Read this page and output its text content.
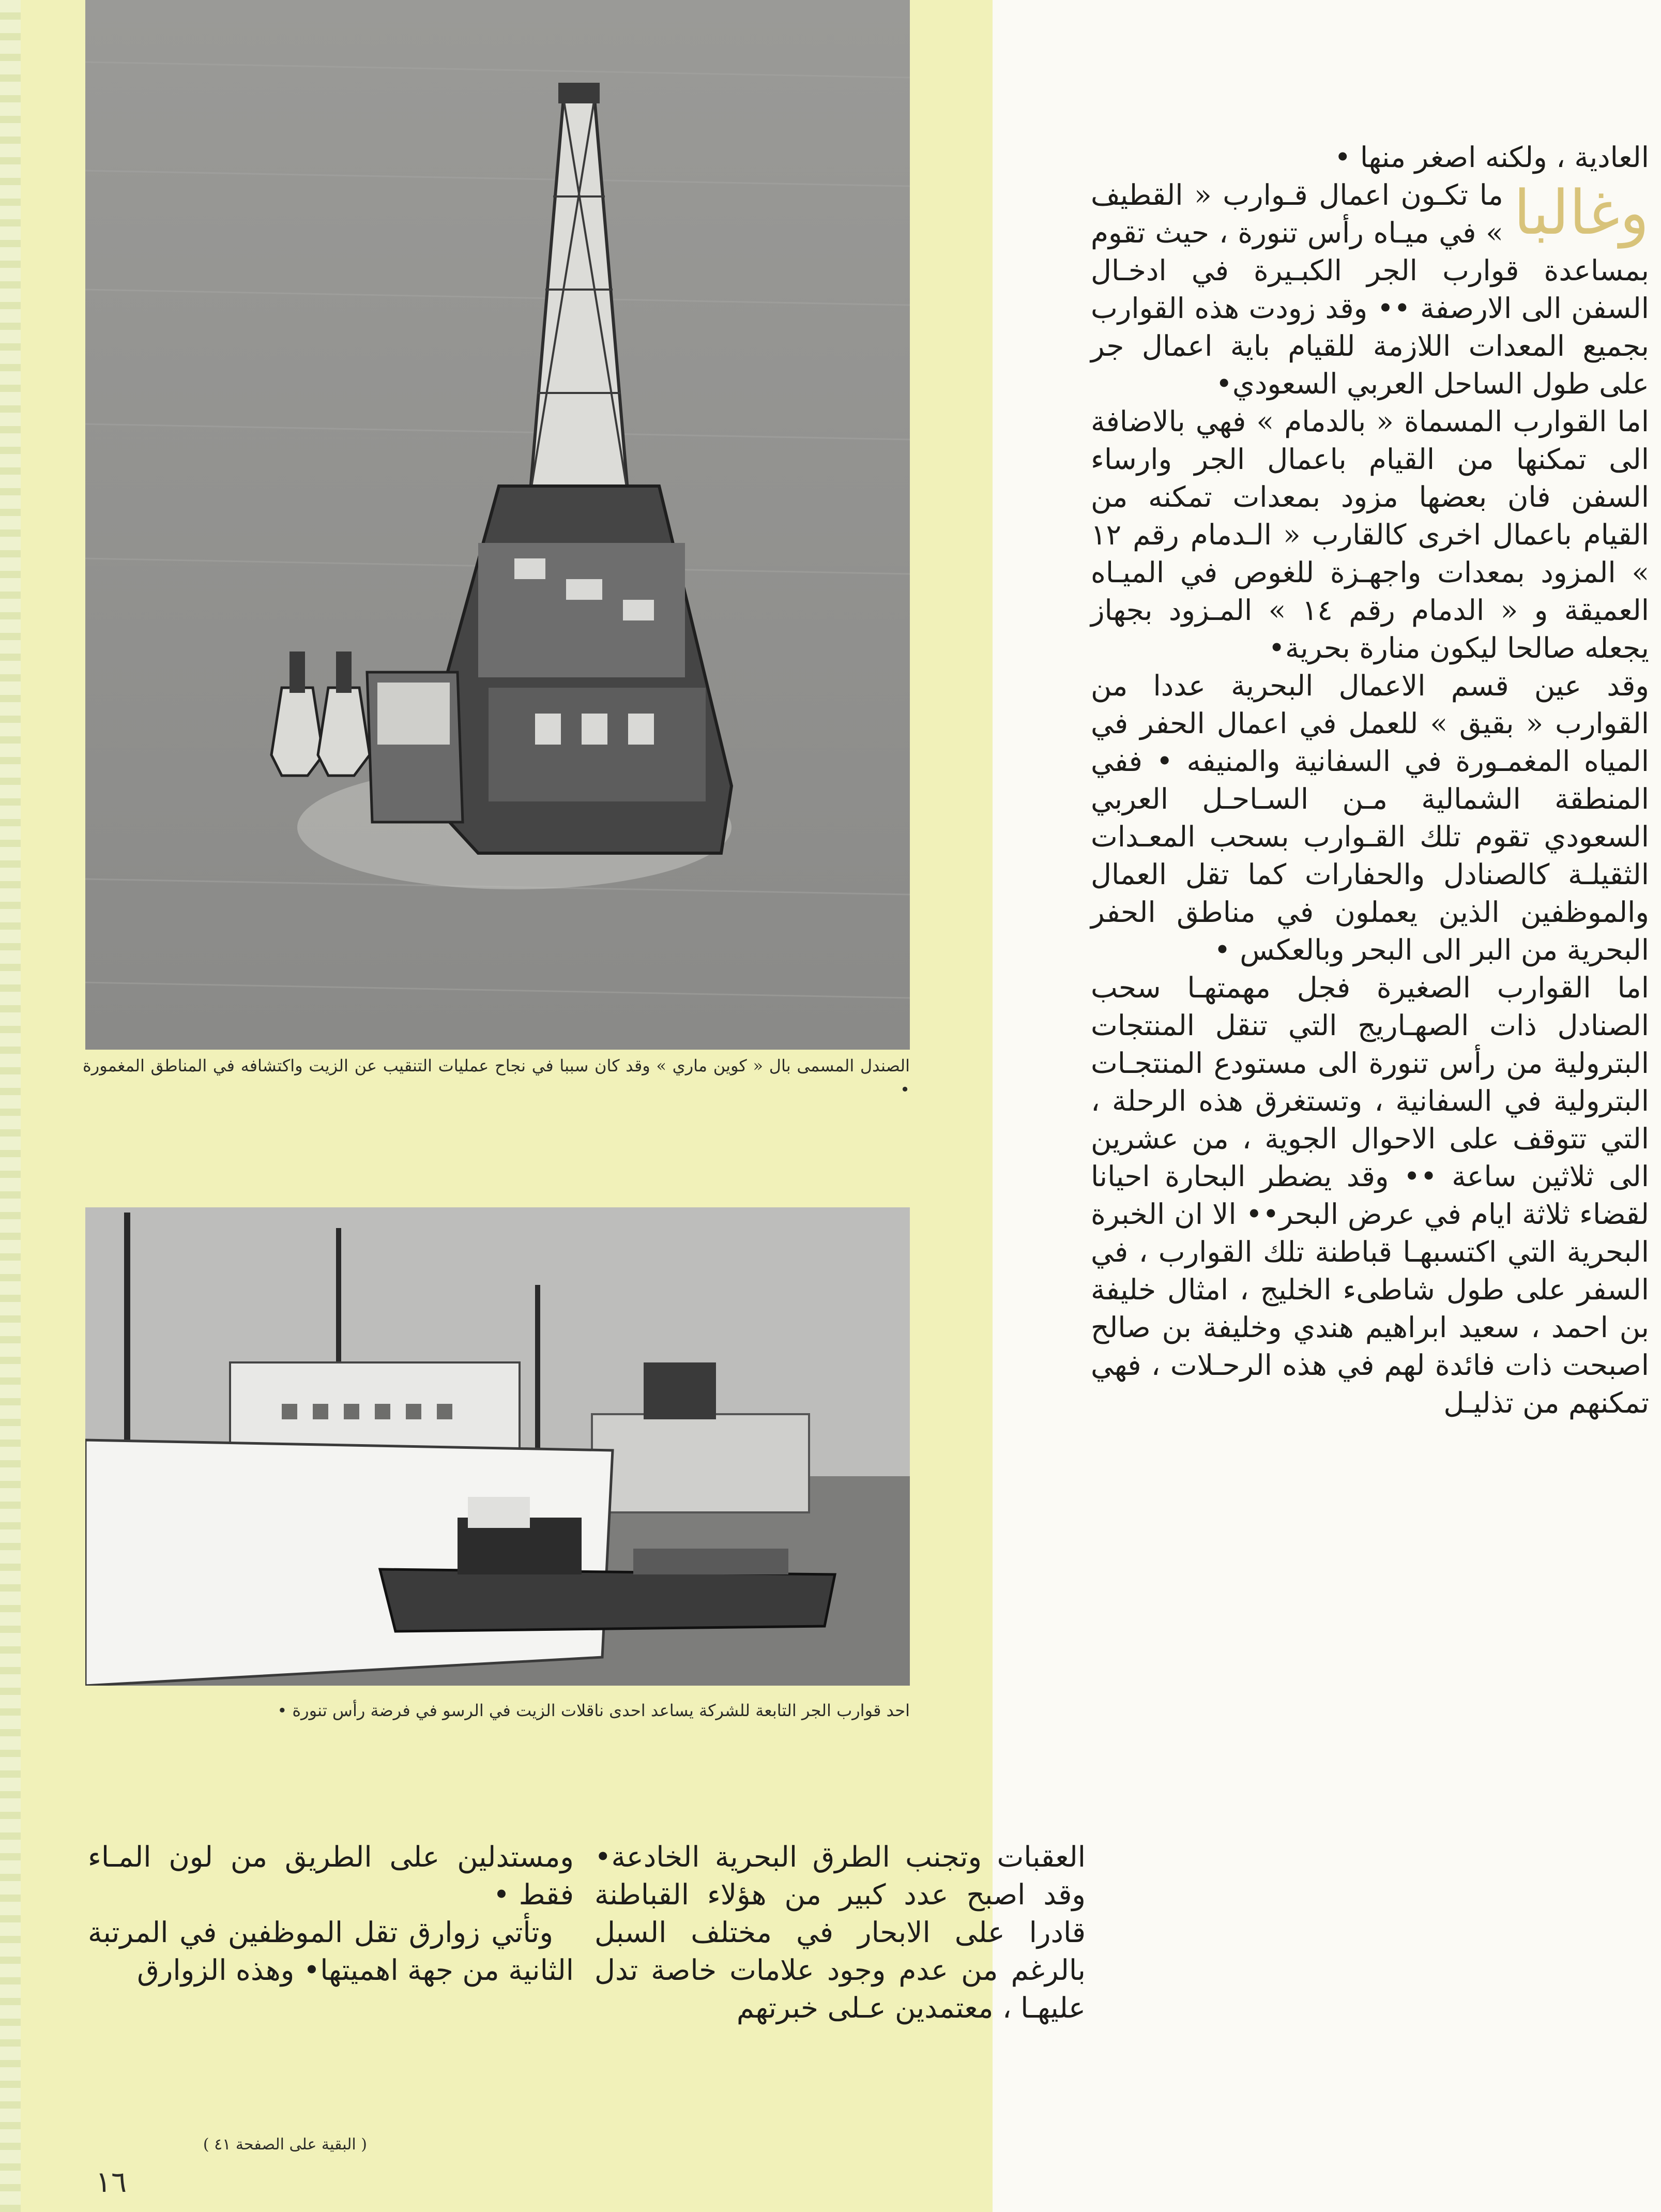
الصندل المسمى بال « كوين ماري » وقد كان سببا في نجاح عمليات التنقيب عن الزيت واكتشافه في المناطق المغمورة •
احد قوارب الجر التابعة للشركة يساعد احدى ناقلات الزيت في الرسو في فرضة رأس تنورة •

العادية ، ولكنه اصغر منها •

وغالبا
ما تكـون اعمال قـوارب « القطيف » في ميـاه رأس تنورة ، حيث تقوم بمساعدة قوارب الجر الكبـيرة في ادخـال السفن الى الارصفة •• وقد زودت هذه القوارب بجميع المعدات اللازمة للقيام باية اعمال جر على طول الساحل العربي السعودي•

اما القوارب المسماة « بالدمام » فهي بالاضافة الى تمكنها من القيام باعمال الجر وارساء السفن فان بعضها مزود بمعدات تمكنه من القيام باعمال اخرى كالقارب « الـدمام رقم ١٢ » المزود بمعدات واجهـزة للغوص في الميـاه العميقة و « الدمام رقم ١٤ » المـزود بجهاز يجعله صالحا ليكون منارة بحرية•

وقد عين قسم الاعمال البحرية عددا من القوارب « بقيق » للعمل في اعمال الحفر في المياه المغمـورة في السفانية والمنيفه • ففي المنطقة الشمالية مـن السـاحـل العربي السعودي تقوم تلك القـوارب بسحب المعـدات الثقيلـة كالصنادل والحفارات كما تقل العمال والموظفين الذين يعملون في مناطق الحفر البحرية من البر الى البحر وبالعكس •

اما القوارب الصغيرة فجل مهمتهـا سحب الصنادل ذات الصهـاريج التي تنقل المنتجات البترولية من رأس تنورة الى مستودع المنتجـات البترولية في السفانية ، وتستغرق هذه الرحلة ، التي تتوقف على الاحوال الجوية ، من عشرين الى ثلاثين ساعة •• وقد يضطر البحارة احيانا لقضاء ثلاثة ايام في عرض البحر•• الا ان الخبرة البحرية التي اكتسبهـا قباطنة تلك القوارب ، في السفر على طول شاطىء الخليج ، امثال خليفة بن احمد ، سعيد ابراهيم هندي وخليفة بن صالح اصبحت ذات فائدة لهم في هذه الرحـلات ، فهي تمكنهم من تذليـل

العقبات وتجنب الطرق البحرية الخادعة• وقد اصبح عدد كبير من هؤلاء القباطنة قادرا على الابحار في مختلف السبل بالرغم من عدم وجود علامات خاصة تدل عليهـا ، معتمدين عـلى خبرتهم

ومستدلين على الطريق من لون المـاء فقط •

وتأتي زوارق تقل الموظفين في المرتبة الثانية من جهة اهميتها• وهذه الزوارق

( البقية على الصفحة ٤١ )
١٦
